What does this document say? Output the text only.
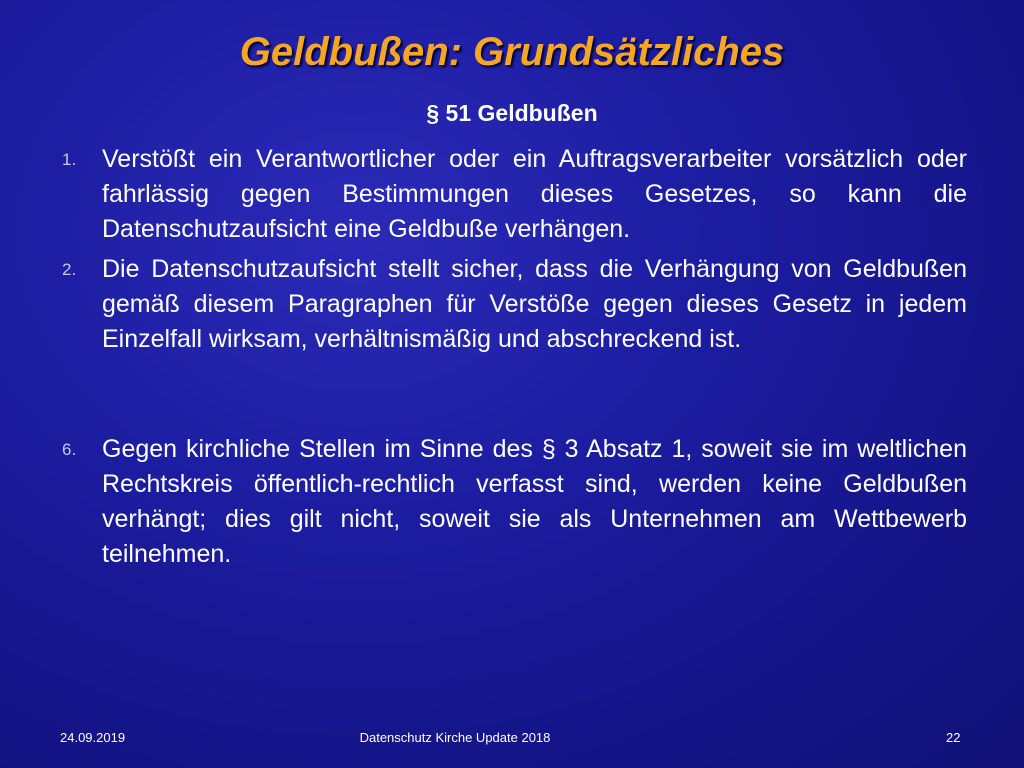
Geldbußen: Grundsätzliches
§ 51 Geldbußen
1. Verstößt ein Verantwortlicher oder ein Auftragsverarbeiter vorsätzlich oder fahrlässig gegen Bestimmungen dieses Gesetzes, so kann die Datenschutzaufsicht eine Geldbuße verhängen.
2. Die Datenschutzaufsicht stellt sicher, dass die Verhängung von Geldbußen gemäß diesem Paragraphen für Verstöße gegen dieses Gesetz in jedem Einzelfall wirksam, verhältnismäßig und abschreckend ist.
6. Gegen kirchliche Stellen im Sinne des § 3 Absatz 1, soweit sie im weltlichen Rechtskreis öffentlich-rechtlich verfasst sind, werden keine Geldbußen verhängt; dies gilt nicht, soweit sie als Unternehmen am Wettbewerb teilnehmen.
24.09.2019	Datenschutz Kirche Update 2018	22
